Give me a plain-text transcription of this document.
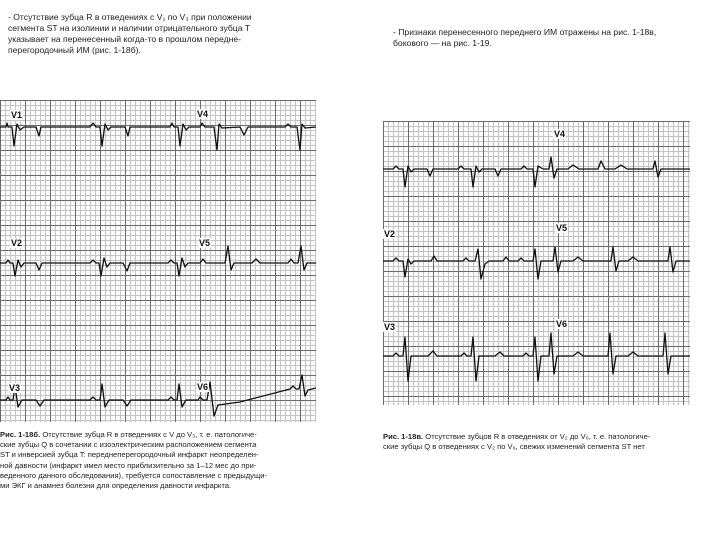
- Отсутствие зубца R в отведениях с V₁ по V₃ при положении

сегмента ST на изолинии и наличии отрицательного зубца T

указывает на перенесенный когда-то в прошлом передне-

перегородочный ИМ (рис. 1-18б).

- Признаки перенесенного переднего ИМ отражены на рис. 1-18в,

бокового — на рис. 1-19.

V1	V4
V2	V5
V3	V6
V4
V2
V5
V3	V6

Рис. 1-18б. Отсутствие зубца R в отведениях с V до V₃, т. е. патологиче-

ские зубцы Q в сочетании с изоэлектрическим расположением сегмента

ST и инверсией зубца T: переднеперегородочный инфаркт неопределен-

ной давности (инфаркт имел место приблизительно за 1–12 мес до при-

веденного данного обследования), требуется сопоставление с предыдущи-

ми ЭКГ и анамнез болезни для определения давности инфаркта.

Рис. 1-18в. Отсутствие зубцов R в отведениях от V₂ до V₆, т. е. патологиче-

ские зубцы Q в отведениях с V₂ по V₆, свежих изменений сегмента ST нет
